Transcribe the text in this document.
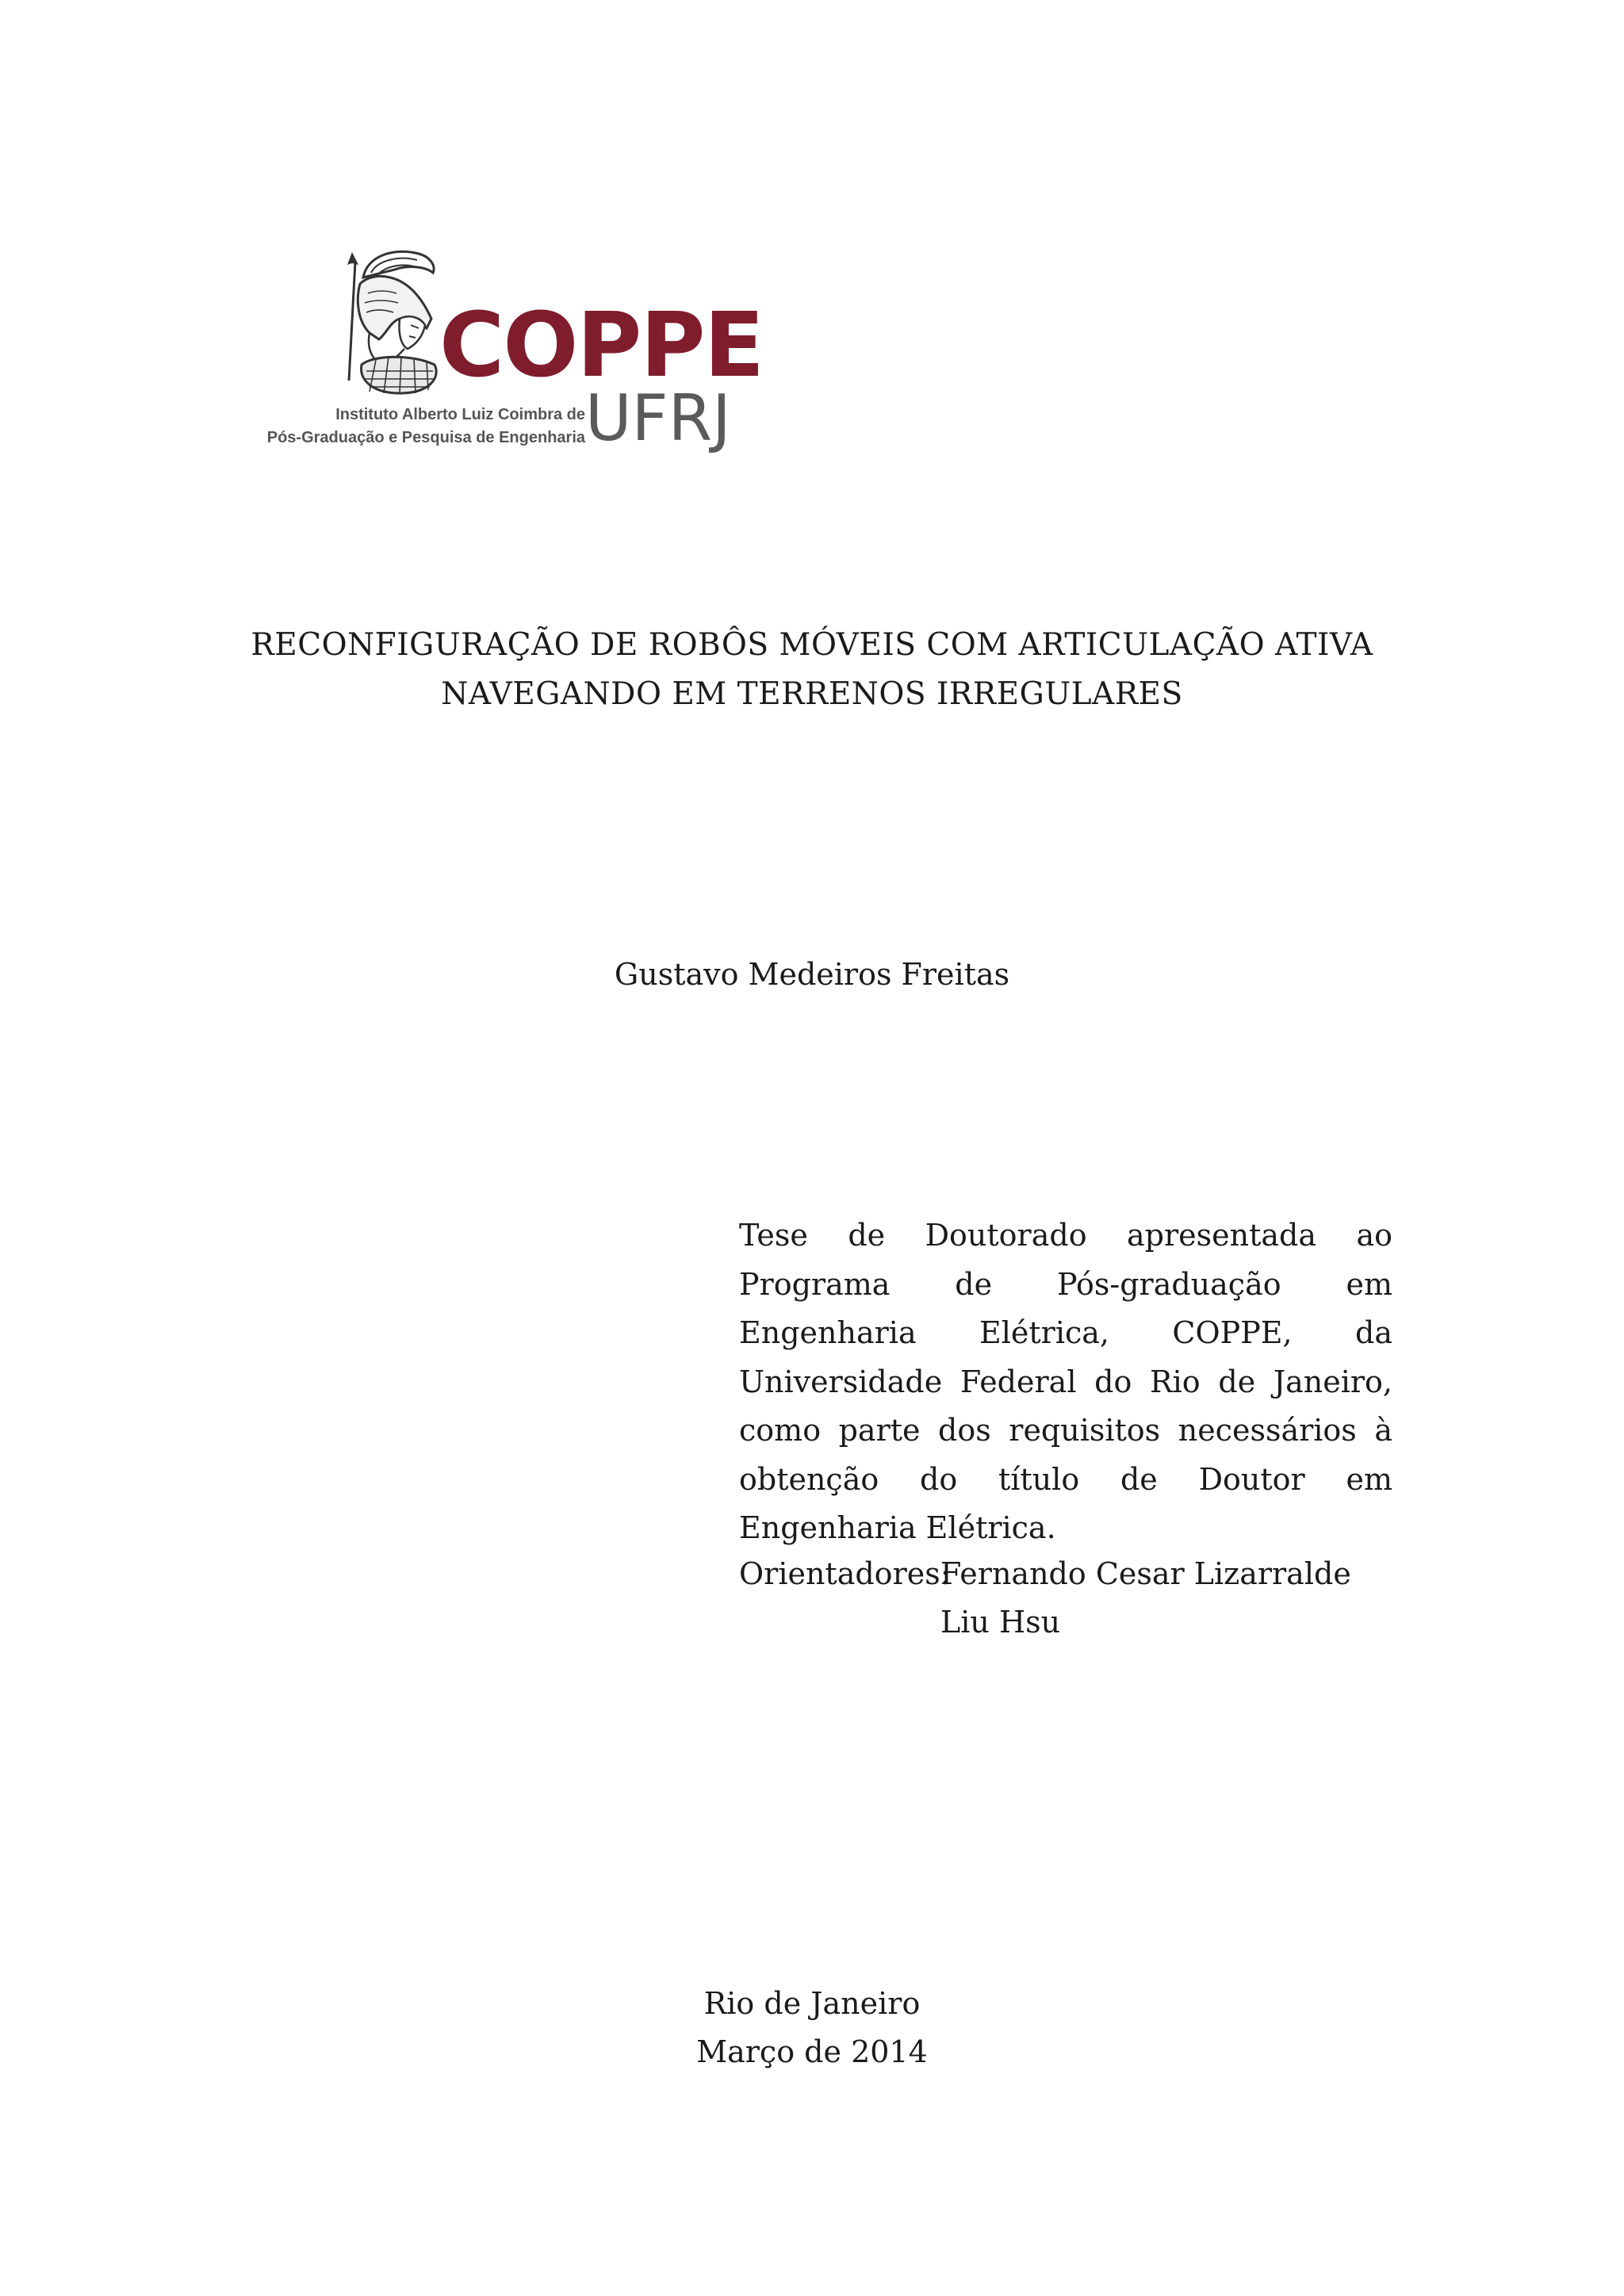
COPPE
UFRJ
Instituto Alberto Luiz Coimbra de
Pós-Graduação e Pesquisa de Engenharia
RECONFIGURAÇÃO DE ROBÔS MÓVEIS COM ARTICULAÇÃO ATIVA
NAVEGANDO EM TERRENOS IRREGULARES
Gustavo Medeiros Freitas
Tese de Doutorado apresentada ao Programa de Pós-graduação em Engenharia Elétrica, COPPE, da Universidade Federal do Rio de Janeiro, como parte dos requisitos necessários à obtenção do título de Doutor em Engenharia Elétrica.
Orientadores:
Fernando Cesar Lizarralde
Liu Hsu
Rio de Janeiro
Março de 2014
